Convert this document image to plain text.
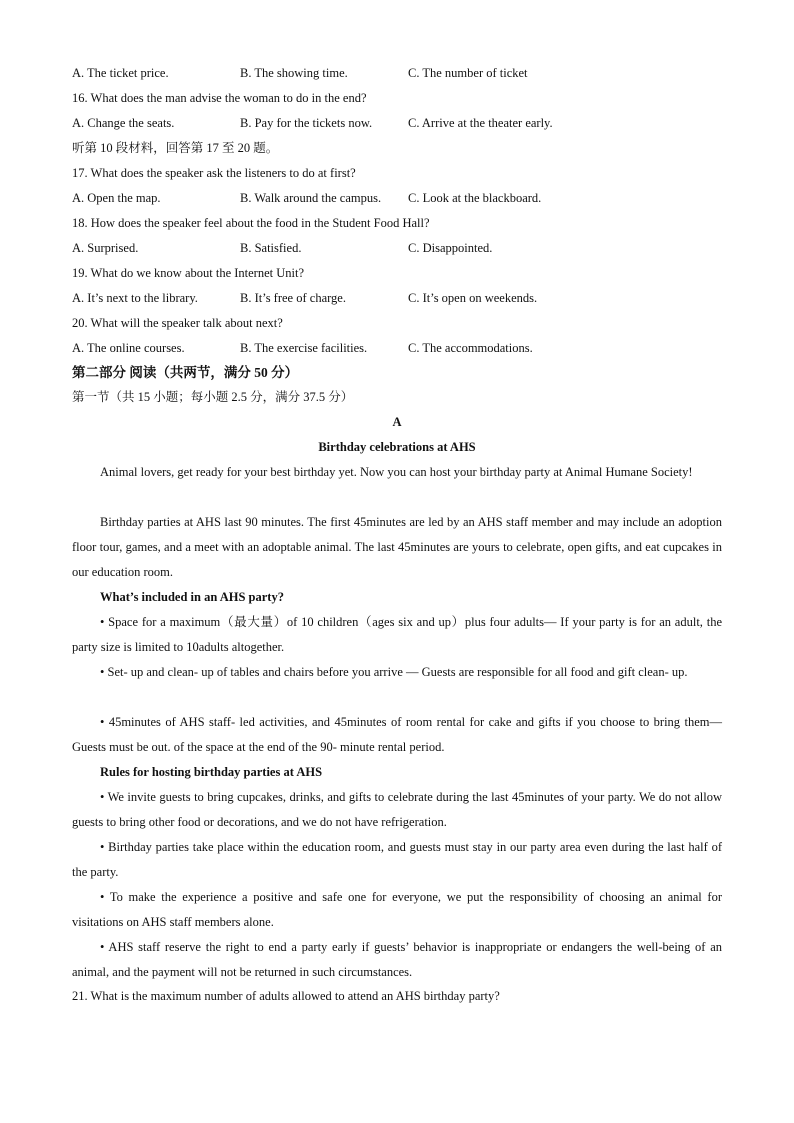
A. The ticket price.	B. The showing time.	C. The number of ticket
16. What does the man advise the woman to do in the end?
A. Change the seats.	B. Pay for the tickets now.	C. Arrive at the theater early.
听第 10 段材料，回答第 17 至 20 题。
17. What does the speaker ask the listeners to do at first?
A. Open the map.	B. Walk around the campus. C. Look at the blackboard.
18. How does the speaker feel about the food in the Student Food Hall?
A. Surprised.	B. Satisfied.	C. Disappointed.
19. What do we know about the Internet Unit?
A. It’s next to the library.	B. It’s free of charge.	C. It’s open on weekends.
20. What will the speaker talk about next?
A. The online courses.	B. The exercise facilities.	C. The accommodations.
第二部分 阅读（共两节，满分 50 分）
第一节（共 15 小题；每小题 2.5 分，满分 37.5 分）
A
Birthday celebrations at AHS
Animal lovers, get ready for your best birthday yet. Now you can host your birthday party at Animal Humane Society!
Birthday parties at AHS last 90 minutes. The first 45minutes are led by an AHS staff member and may include an adoption floor tour, games, and a meet with an adoptable animal. The last 45minutes are yours to celebrate, open gifts, and eat cupcakes in our education room.
What’s included in an AHS party?
• Space for a maximum（最大量）of 10 children（ages six and up）plus four adults— If your party is for an adult, the party size is limited to 10adults altogether.
• Set- up and clean- up of tables and chairs before you arrive — Guests are responsible for all food and gift clean- up.
• 45minutes of AHS staff- led activities, and 45minutes of room rental for cake and gifts if you choose to bring them— Guests must be out. of the space at the end of the 90- minute rental period.
Rules for hosting birthday parties at AHS
• We invite guests to bring cupcakes, drinks, and gifts to celebrate during the last 45minutes of your party. We do not allow guests to bring other food or decorations, and we do not have refrigeration.
• Birthday parties take place within the education room, and guests must stay in our party area even during the last half of the party.
• To make the experience a positive and safe one for everyone, we put the responsibility of choosing an animal for visitations on AHS staff members alone.
• AHS staff reserve the right to end a party early if guests’ behavior is inappropriate or endangers the well-being of an animal, and the payment will not be returned in such circumstances.
21. What is the maximum number of adults allowed to attend an AHS birthday party?
